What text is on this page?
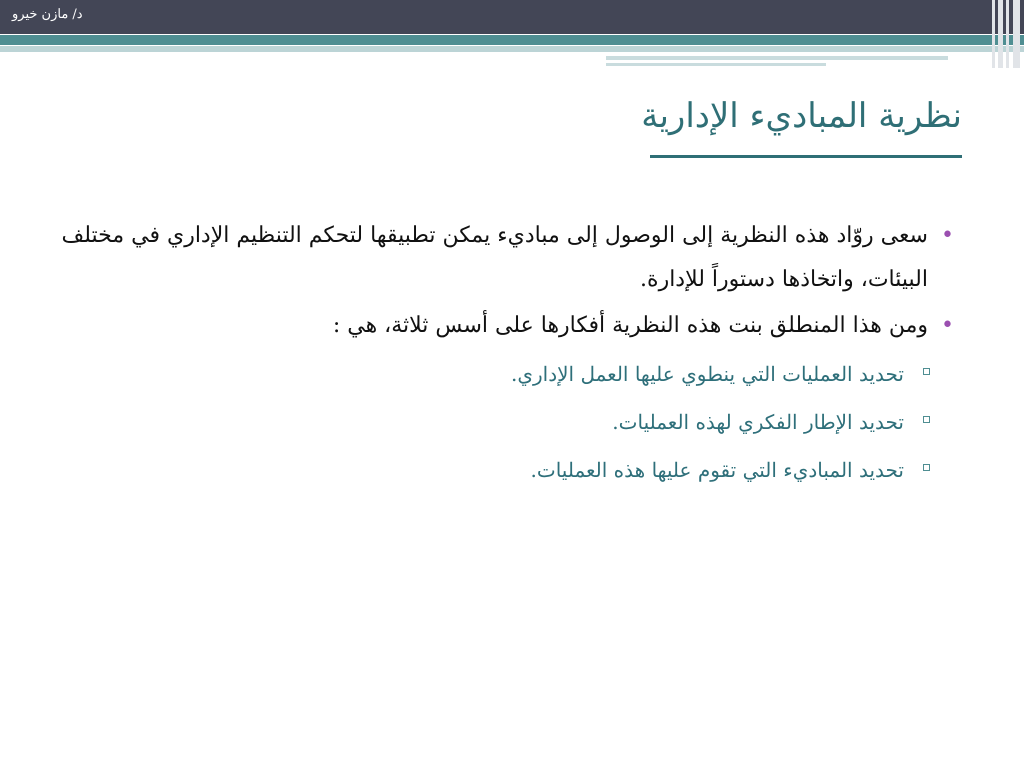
د/ مازن خيرو
نظرية المباديء الإدارية
•
سعى روّاد هذه النظرية إلى الوصول إلى مباديء يمكن تطبيقها لتحكم التنظيم الإداري في مختلف البيئات، واتخاذها دستوراً للإدارة.
•
ومن هذا المنطلق بنت هذه النظرية أفكارها على أسس ثلاثة، هي :
تحديد العمليات التي ينطوي عليها العمل الإداري.
تحديد الإطار الفكري لهذه العمليات.
تحديد المباديء التي تقوم عليها هذه العمليات.
